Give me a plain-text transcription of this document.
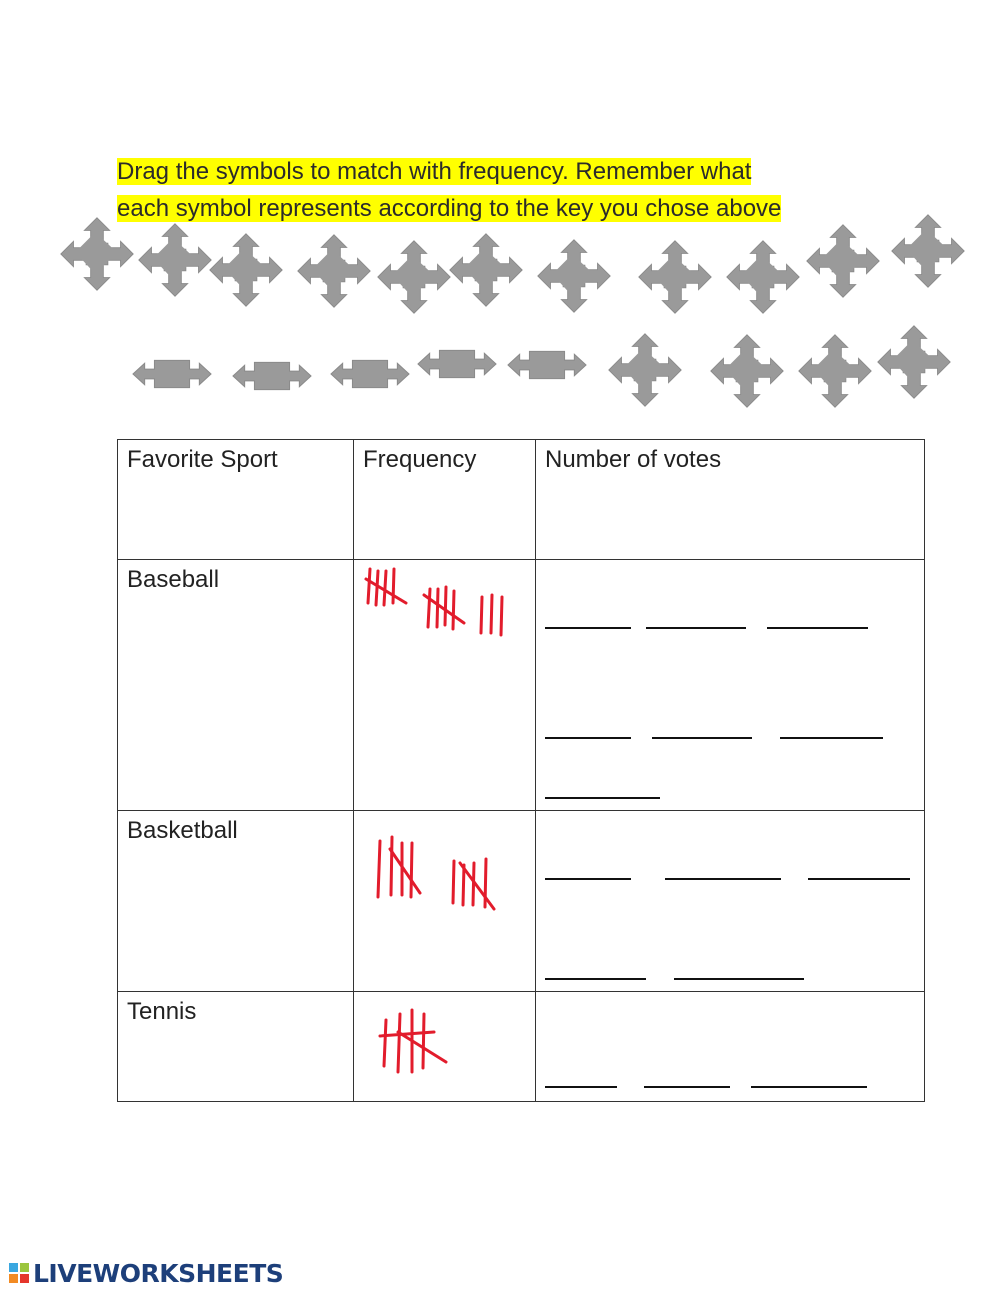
Drag the symbols to match with frequency. Remember what
each symbol represents according to the key you chose above
Favorite Sport	Frequency	Number of votes

Baseball

Basketball

Tennis

LIVEWORKSHEETS
